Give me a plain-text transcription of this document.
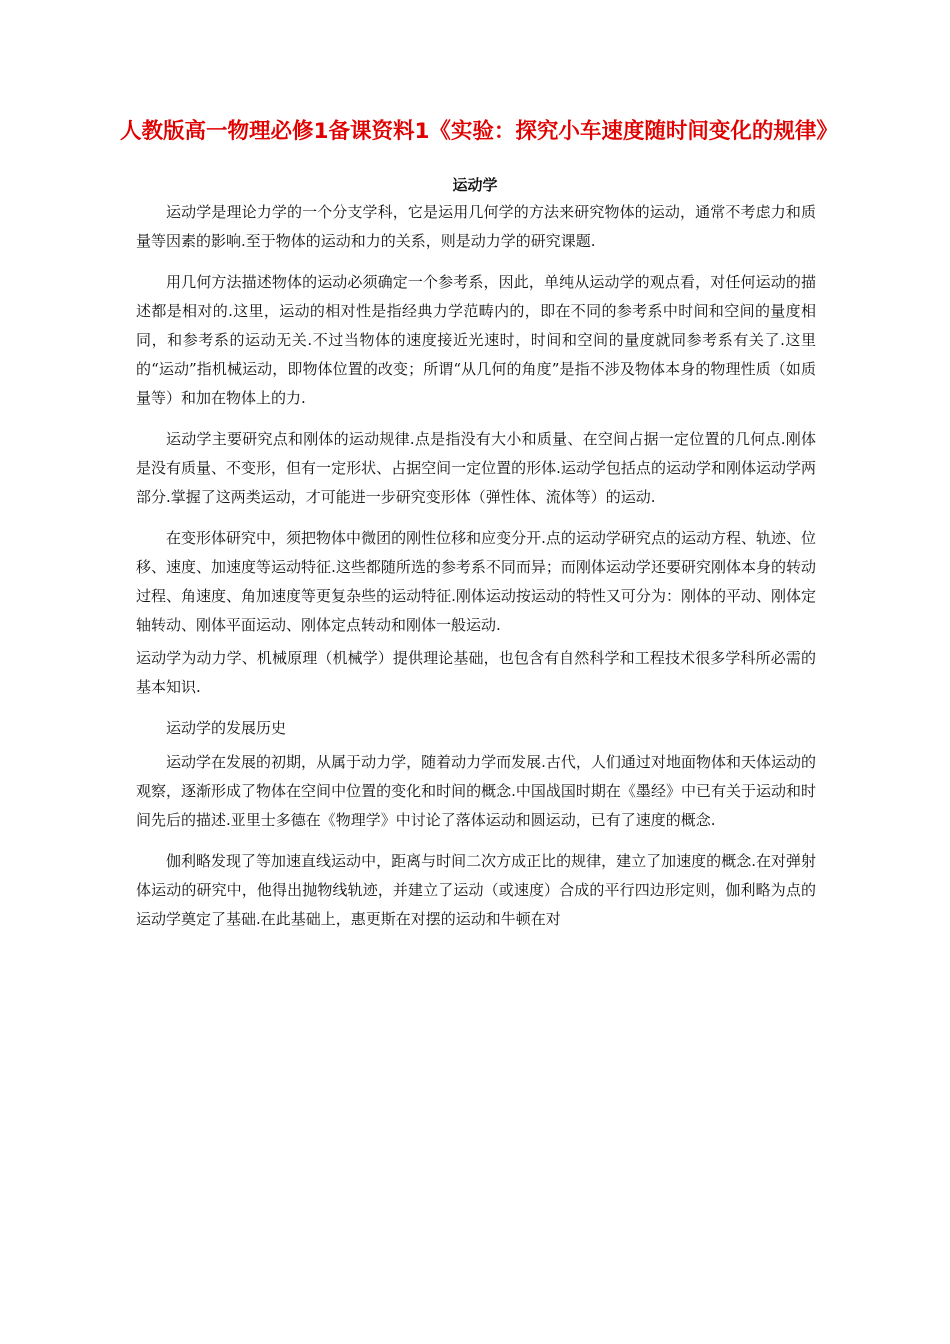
人教版高一物理必修1备课资料1《实验：探究小车速度随时间变化的规律》
运动学

运动学是理论力学的一个分支学科，它是运用几何学的方法来研究物体的运动，通常不考虑力和质量等因素的影响.至于物体的运动和力的关系，则是动力学的研究课题.

用几何方法描述物体的运动必须确定一个参考系，因此，单纯从运动学的观点看，对任何运动的描述都是相对的.这里，运动的相对性是指经典力学范畴内的，即在不同的参考系中时间和空间的量度相同，和参考系的运动无关.不过当物体的速度接近光速时，时间和空间的量度就同参考系有关了.这里的“运动”指机械运动，即物体位置的改变；所谓“从几何的角度”是指不涉及物体本身的物理性质（如质量等）和加在物体上的力.

运动学主要研究点和刚体的运动规律.点是指没有大小和质量、在空间占据一定位置的几何点.刚体是没有质量、不变形，但有一定形状、占据空间一定位置的形体.运动学包括点的运动学和刚体运动学两部分.掌握了这两类运动，才可能进一步研究变形体（弹性体、流体等）的运动.

在变形体研究中，须把物体中微团的刚性位移和应变分开.点的运动学研究点的运动方程、轨迹、位移、速度、加速度等运动特征.这些都随所选的参考系不同而异；而刚体运动学还要研究刚体本身的转动过程、角速度、角加速度等更复杂些的运动特征.刚体运动按运动的特性又可分为：刚体的平动、刚体定轴转动、刚体平面运动、刚体定点转动和刚体一般运动.

运动学为动力学、机械原理（机械学）提供理论基础，也包含有自然科学和工程技术很多学科所必需的基本知识.

运动学的发展历史

运动学在发展的初期，从属于动力学，随着动力学而发展.古代，人们通过对地面物体和天体运动的观察，逐渐形成了物体在空间中位置的变化和时间的概念.中国战国时期在《墨经》中已有关于运动和时间先后的描述.亚里士多德在《物理学》中讨论了落体运动和圆运动，已有了速度的概念.

伽利略发现了等加速直线运动中，距离与时间二次方成正比的规律，建立了加速度的概念.在对弹射体运动的研究中，他得出抛物线轨迹，并建立了运动（或速度）合成的平行四边形定则，伽利略为点的运动学奠定了基础.在此基础上，惠更斯在对摆的运动和牛顿在对
